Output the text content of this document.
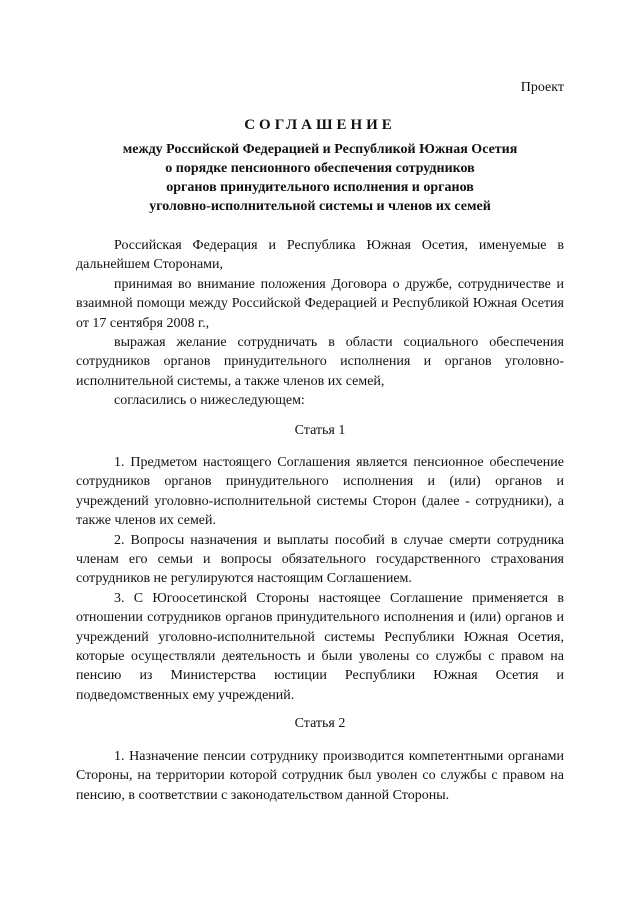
Проект
СОГЛАШЕНИЕ
между Российской Федерацией и Республикой Южная Осетия
о порядке пенсионного обеспечения сотрудников
органов принудительного исполнения и органов
уголовно-исполнительной системы и членов их семей

Российская Федерация и Республика Южная Осетия, именуемые в дальнейшем Сторонами,

принимая во внимание положения Договора о дружбе, сотрудничестве и взаимной помощи между Российской Федерацией и Республикой Южная Осетия от 17 сентября 2008 г.,

выражая желание сотрудничать в области социального обеспечения сотрудников органов принудительного исполнения и органов уголовно-исполнительной системы, а также членов их семей,

согласились о нижеследующем:

Статья 1

1. Предметом настоящего Соглашения является пенсионное обеспечение сотрудников органов принудительного исполнения и (или) органов и учреждений уголовно-исполнительной системы Сторон (далее - сотрудники), а также членов их семей.

2. Вопросы назначения и выплаты пособий в случае смерти сотрудника членам его семьи и вопросы обязательного государственного страхования сотрудников не регулируются настоящим Соглашением.

3. С Югоосетинской Стороны настоящее Соглашение применяется в отношении сотрудников органов принудительного исполнения и (или) органов и учреждений уголовно-исполнительной системы Республики Южная Осетия, которые осуществляли деятельность и были уволены со службы с правом на пенсию из Министерства юстиции Республики Южная Осетия и подведомственных ему учреждений.

Статья 2

1. Назначение пенсии сотруднику производится компетентными органами Стороны, на территории которой сотрудник был уволен со службы с правом на пенсию, в соответствии с законодательством данной Стороны.
